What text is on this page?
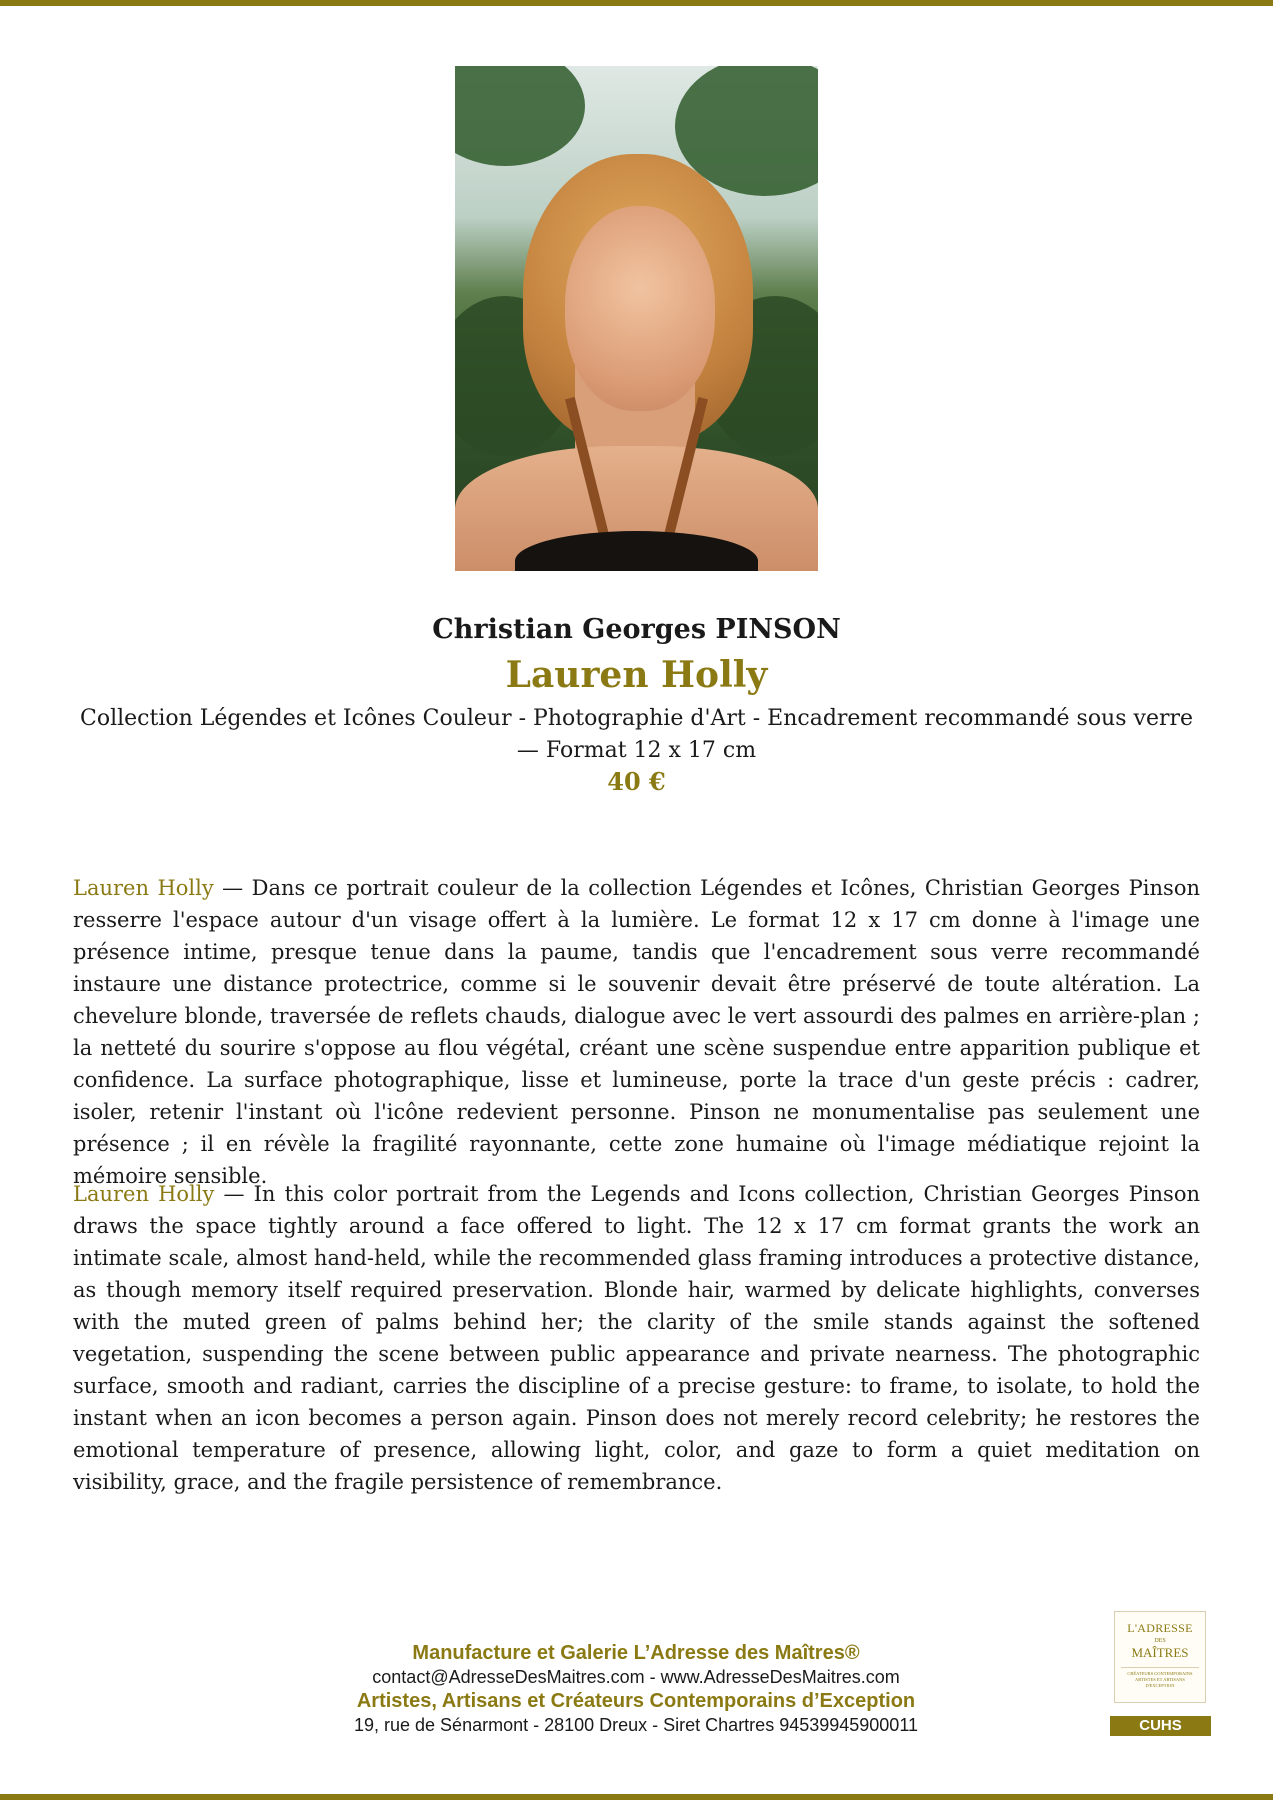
Christian Georges PINSON
Lauren Holly
Collection Légendes et Icônes Couleur - Photographie d'Art - Encadrement recommandé sous verre — Format 12 x 17 cm
40 €

Lauren Holly — Dans ce portrait couleur de la collection Légendes et Icônes, Christian Georges Pinson resserre l'espace autour d'un visage offert à la lumière. Le format 12 x 17 cm donne à l'image une présence intime, presque tenue dans la paume, tandis que l'encadrement sous verre recommandé instaure une distance protectrice, comme si le souvenir devait être préservé de toute altération. La chevelure blonde, traversée de reflets chauds, dialogue avec le vert assourdi des palmes en arrière-plan ; la netteté du sourire s'oppose au flou végétal, créant une scène suspendue entre apparition publique et confidence. La surface photographique, lisse et lumineuse, porte la trace d'un geste précis : cadrer, isoler, retenir l'instant où l'icône redevient personne. Pinson ne monumentalise pas seulement une présence ; il en révèle la fragilité rayonnante, cette zone humaine où l'image médiatique rejoint la mémoire sensible.

Lauren Holly — In this color portrait from the Legends and Icons collection, Christian Georges Pinson draws the space tightly around a face offered to light. The 12 x 17 cm format grants the work an intimate scale, almost hand-held, while the recommended glass framing introduces a protective distance, as though memory itself required preservation. Blonde hair, warmed by delicate highlights, converses with the muted green of palms behind her; the clarity of the smile stands against the softened vegetation, suspending the scene between public appearance and private nearness. The photographic surface, smooth and radiant, carries the discipline of a precise gesture: to frame, to isolate, to hold the instant when an icon becomes a person again. Pinson does not merely record celebrity; he restores the emotional temperature of presence, allowing light, color, and gaze to form a quiet meditation on visibility, grace, and the fragile persistence of remembrance.

Manufacture et Galerie L’Adresse des Maîtres®
contact@AdresseDesMaitres.com - www.AdresseDesMaitres.com
Artistes, Artisans et Créateurs Contemporains d’Exception
19, rue de Sénarmont - 28100 Dreux - Siret Chartres 94539945900011
L'ADRESSE
DES
MAÎTRES
CRÉATEURS CONTEMPORAINS ARTISTES ET ARTISANS D'EXCEPTION
CUHS
